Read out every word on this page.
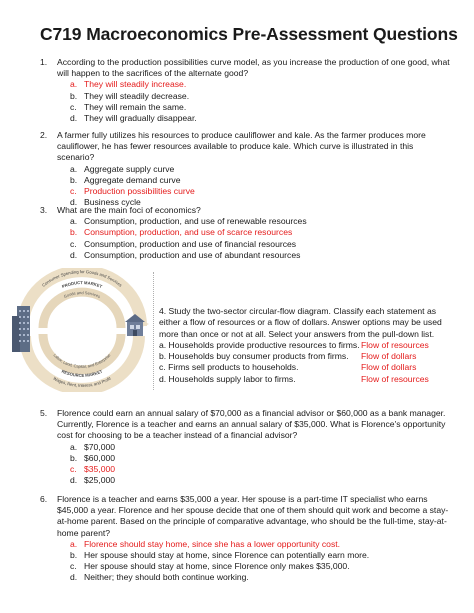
C719 Macroeconomics Pre-Assessment Questions
1.	According to the production possibilities curve model, as you increase the production of one good, what will happen to the sacrifices of the alternate good?
a. They will steadily increase.
b. They will steadily decrease.
c. They will remain the same.
d. They will gradually disappear.
2.	A farmer fully utilizes his resources to produce cauliflower and kale. As the farmer produces more cauliflower, he has fewer resources available to produce kale. Which curve is illustrated in this scenario?
a. Aggregate supply curve
b. Aggregate demand curve
c. Production possibilities curve
d. Business cycle
3.	What are the main foci of economics?
a. Consumption, production, and use of renewable resources
b. Consumption, production, and use of scarce resources
c. Consumption, production and use of financial resources
d. Consumption, production and use of abundant resources
Consumer Spending for Goods and Services
PRODUCT MARKET
Goods and Services
Labor, Land, Capital, and Enterprise
RESOURCE MARKET
Wages, Rent, Interest, and Profit
4. Study the two-sector circular-flow diagram. Classify each statement as either a flow of resources or a flow of dollars. Answer options may be used more than once or not at all. Select your answers from the pull-down list.
a. Households provide productive resources to firms. Flow of resources
b. Households buy consumer products from firms.	Flow of dollars
c. Firms sell products to households.	Flow of dollars
d. Households supply labor to firms.	Flow of resources
5.	Florence could earn an annual salary of $70,000 as a financial advisor or $60,000 as a bank manager. Currently, Florence is a teacher and earns an annual salary of $35,000. What is Florence's opportunity cost for choosing to be a teacher instead of a financial advisor?
a. $70,000
b. $60,000
c. $35,000
d. $25,000
6.	Florence is a teacher and earns $35,000 a year. Her spouse is a part-time IT specialist who earns $45,000 a year. Florence and her spouse decide that one of them should quit work and become a stay-at-home parent. Based on the principle of comparative advantage, who should be the full-time, stay-at-home parent?
a. Florence should stay home, since she has a lower opportunity cost.
b. Her spouse should stay at home, since Florence can potentially earn more.
c. Her spouse should stay at home, since Florence only makes $35,000.
d. Neither; they should both continue working.
